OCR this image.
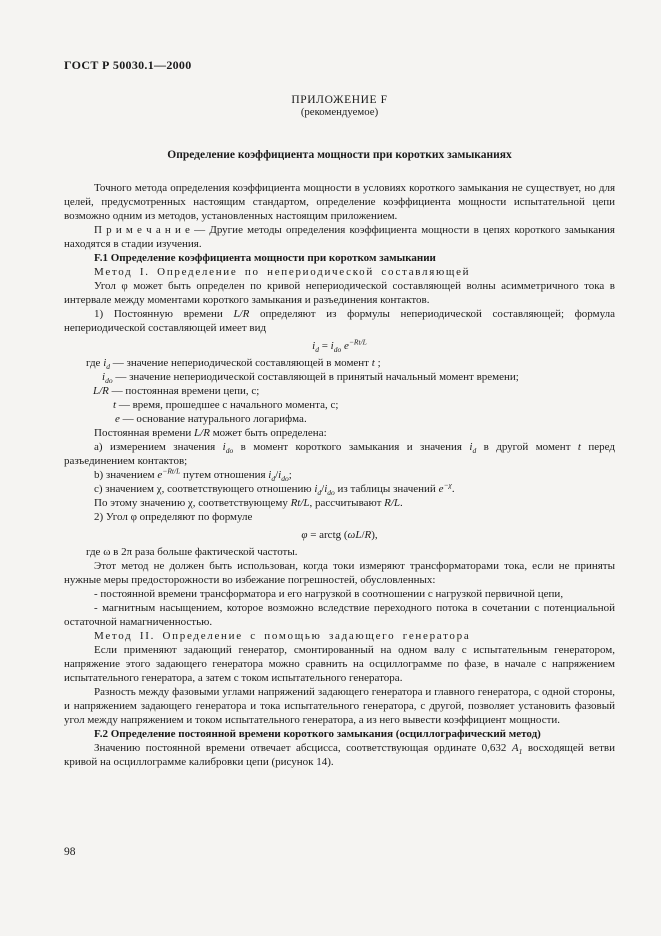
ГОСТ Р 50030.1—2000
ПРИЛОЖЕНИЕ F
(рекомендуемое)
Определение коэффициента мощности при коротких замыканиях
Точного метода определения коэффициента мощности в условиях короткого замыкания не существует, но для целей, предусмотренных настоящим стандартом, определение коэффициента мощности испытательной цепи возможно одним из методов, установленных настоящим приложением.
П р и м е ч а н и е — Другие методы определения коэффициента мощности в цепях короткого замыкания находятся в стадии изучения.
F.1 Определение коэффициента мощности при коротком замыкании
Метод I. Определение по непериодической составляющей
Угол φ может быть определен по кривой непериодической составляющей волны асимметричного тока в интервале между моментами короткого замыкания и разъединения контактов.
1) Постоянную времени L/R определяют из формулы непериодической составляющей; формула непериодической составляющей имеет вид
$i_d = i_{do}$ $e^{-Rt/L}$
где $i_d$ — значение непериодической составляющей в момент t ;
$i_{do}$ — значение непериодической составляющей в принятый начальный момент времени;
L/R — постоянная времени цепи, с;
t — время, прошедшее с начального момента, с;
e — основание натурального логарифма.
Постоянная времени L/R может быть определена:
а) измерением значения $i_{do}$ в момент короткого замыкания и значения $i_d$ в другой момент t перед разъединением контактов;
b) значением $e^{-Rt/L}$ путем отношения $i_d/i_{do}$;
c) значением χ, соответствующего отношению $i_d/i_{do}$ из таблицы значений $e^{-\chi}$.
По этому значению χ, соответствующему Rt/L, рассчитывают R/L.
2) Угол φ определяют по формуле
φ = arctg (ωL/R),
где ω в 2π раза больше фактической частоты.
Этот метод не должен быть использован, когда токи измеряют трансформаторами тока, если не приняты нужные меры предосторожности во избежание погрешностей, обусловленных:
- постоянной времени трансформатора и его нагрузкой в соотношении с нагрузкой первичной цепи,
- магнитным насыщением, которое возможно вследствие переходного потока в сочетании с потенциальной остаточной намагниченностью.
Метод II. Определение с помощью задающего генератора
Если применяют задающий генератор, смонтированный на одном валу с испытательным генератором, напряжение этого задающего генератора можно сравнить на осциллограмме по фазе, в начале с напряжением испытательного генератора, а затем с током испытательного генератора.
Разность между фазовыми углами напряжений задающего генератора и главного генератора, с одной стороны, и напряжением задающего генератора и тока испытательного генератора, с другой, позволяет установить фазовый угол между напряжением и током испытательного генератора, а из него вывести коэффициент мощности.
F.2 Определение постоянной времени короткого замыкания (осциллографический метод)
Значению постоянной времени отвечает абсцисса, соответствующая ординате 0,632 $A_1$ восходящей ветви кривой на осциллограмме калибровки цепи (рисунок 14).
98
